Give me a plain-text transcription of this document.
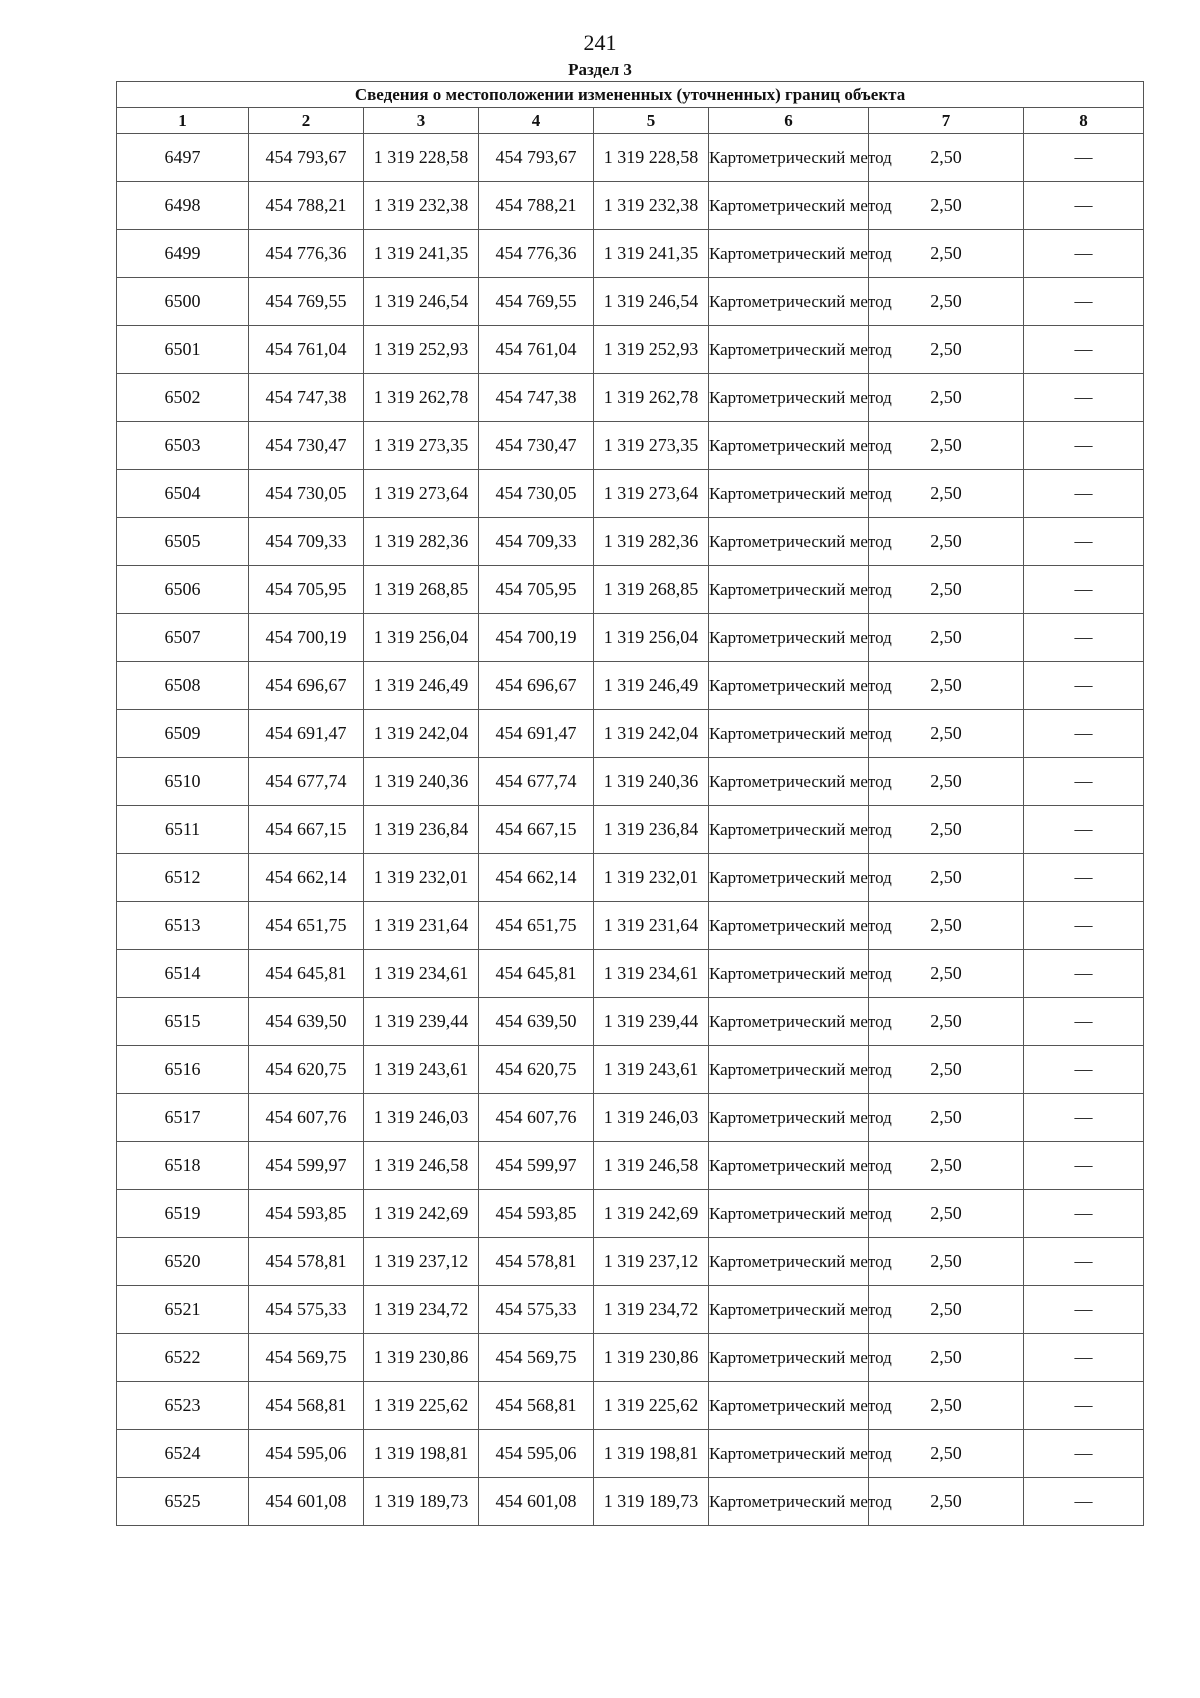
241
Раздел 3
Сведения о местоположении измененных (уточненных) границ объекта							
1	2	3	4	5	6	7	8
6497	454 793,67	1 319 228,58	454 793,67	1 319 228,58	Картометрический метод	2,50	—
6498	454 788,21	1 319 232,38	454 788,21	1 319 232,38	Картометрический метод	2,50	—
6499	454 776,36	1 319 241,35	454 776,36	1 319 241,35	Картометрический метод	2,50	—
6500	454 769,55	1 319 246,54	454 769,55	1 319 246,54	Картометрический метод	2,50	—
6501	454 761,04	1 319 252,93	454 761,04	1 319 252,93	Картометрический метод	2,50	—
6502	454 747,38	1 319 262,78	454 747,38	1 319 262,78	Картометрический метод	2,50	—
6503	454 730,47	1 319 273,35	454 730,47	1 319 273,35	Картометрический метод	2,50	—
6504	454 730,05	1 319 273,64	454 730,05	1 319 273,64	Картометрический метод	2,50	—
6505	454 709,33	1 319 282,36	454 709,33	1 319 282,36	Картометрический метод	2,50	—
6506	454 705,95	1 319 268,85	454 705,95	1 319 268,85	Картометрический метод	2,50	—
6507	454 700,19	1 319 256,04	454 700,19	1 319 256,04	Картометрический метод	2,50	—
6508	454 696,67	1 319 246,49	454 696,67	1 319 246,49	Картометрический метод	2,50	—
6509	454 691,47	1 319 242,04	454 691,47	1 319 242,04	Картометрический метод	2,50	—
6510	454 677,74	1 319 240,36	454 677,74	1 319 240,36	Картометрический метод	2,50	—
6511	454 667,15	1 319 236,84	454 667,15	1 319 236,84	Картометрический метод	2,50	—
6512	454 662,14	1 319 232,01	454 662,14	1 319 232,01	Картометрический метод	2,50	—
6513	454 651,75	1 319 231,64	454 651,75	1 319 231,64	Картометрический метод	2,50	—
6514	454 645,81	1 319 234,61	454 645,81	1 319 234,61	Картометрический метод	2,50	—
6515	454 639,50	1 319 239,44	454 639,50	1 319 239,44	Картометрический метод	2,50	—
6516	454 620,75	1 319 243,61	454 620,75	1 319 243,61	Картометрический метод	2,50	—
6517	454 607,76	1 319 246,03	454 607,76	1 319 246,03	Картометрический метод	2,50	—
6518	454 599,97	1 319 246,58	454 599,97	1 319 246,58	Картометрический метод	2,50	—
6519	454 593,85	1 319 242,69	454 593,85	1 319 242,69	Картометрический метод	2,50	—
6520	454 578,81	1 319 237,12	454 578,81	1 319 237,12	Картометрический метод	2,50	—
6521	454 575,33	1 319 234,72	454 575,33	1 319 234,72	Картометрический метод	2,50	—
6522	454 569,75	1 319 230,86	454 569,75	1 319 230,86	Картометрический метод	2,50	—
6523	454 568,81	1 319 225,62	454 568,81	1 319 225,62	Картометрический метод	2,50	—
6524	454 595,06	1 319 198,81	454 595,06	1 319 198,81	Картометрический метод	2,50	—
6525	454 601,08	1 319 189,73	454 601,08	1 319 189,73	Картометрический метод	2,50	—
